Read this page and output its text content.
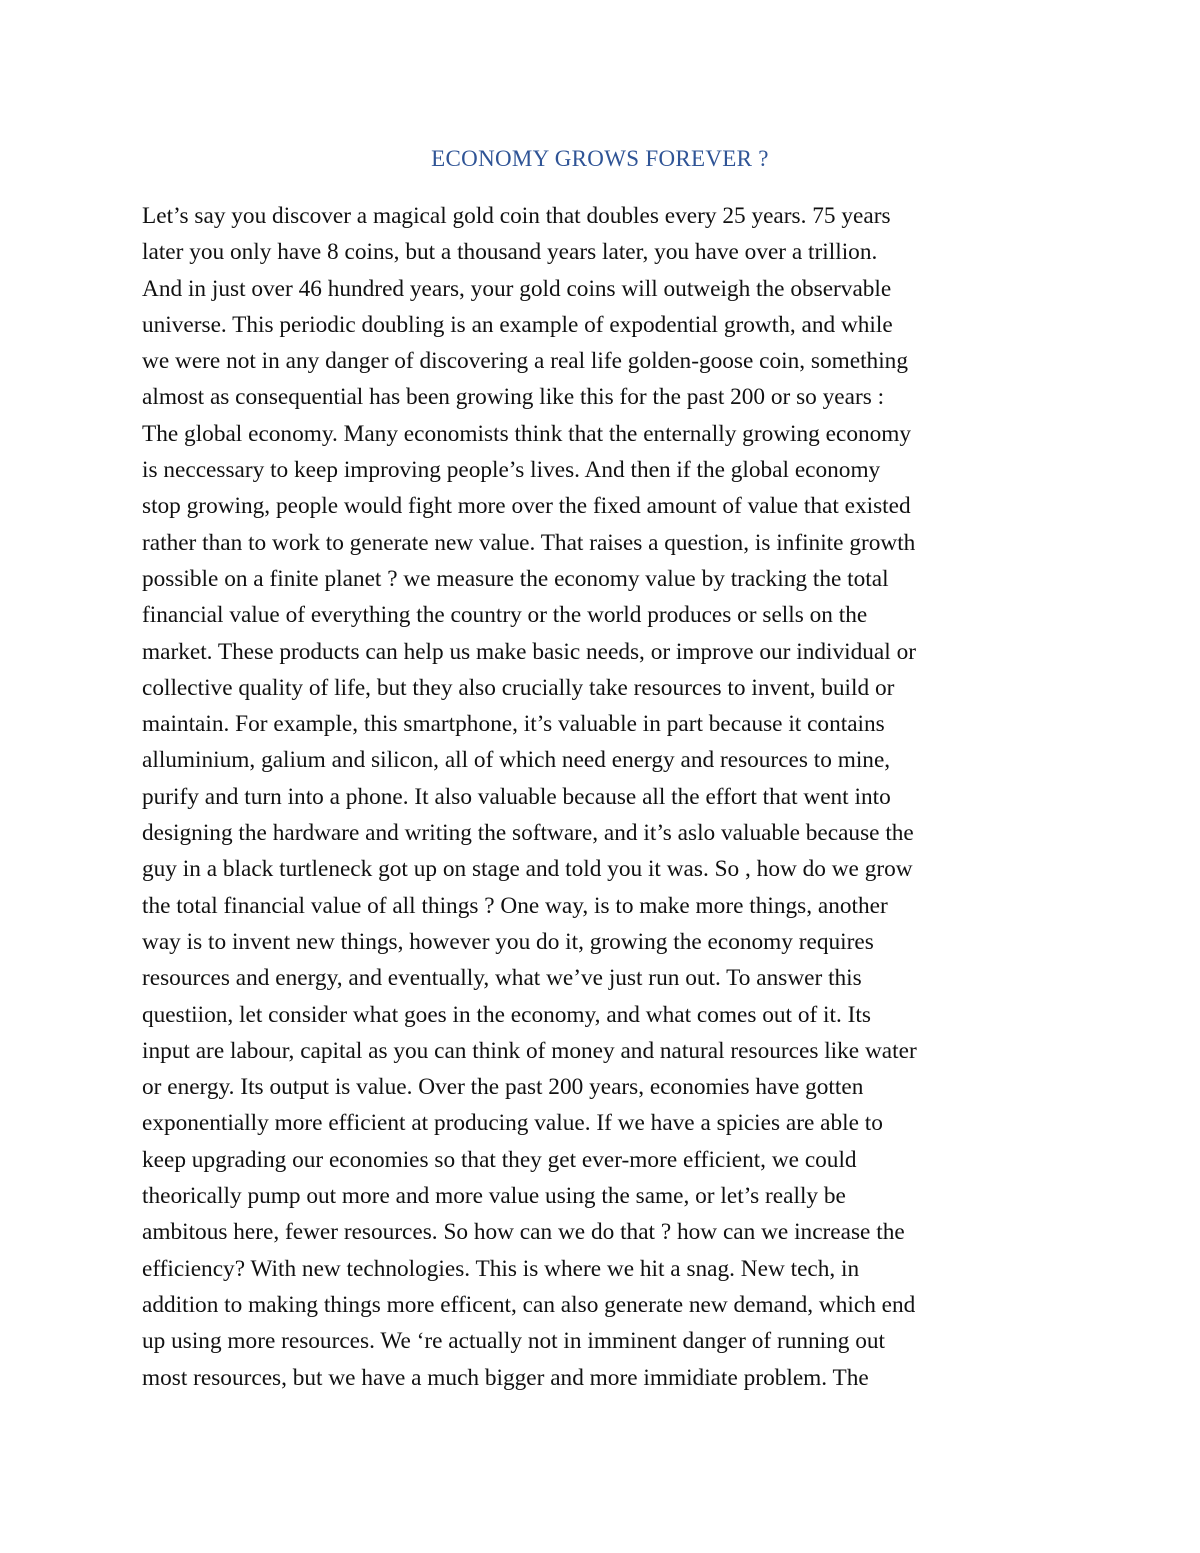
ECONOMY GROWS FOREVER ?
Let’s say you discover a magical gold coin that doubles every 25 years. 75 years
later you only have 8 coins, but a thousand years later, you have over a trillion.
And in just over 46 hundred years, your gold coins will outweigh the observable
universe. This periodic doubling is an example of expodential growth, and while
we were not in any danger of discovering a real life golden-goose coin, something
almost as consequential has been growing like this for the past 200 or so years :
The global economy. Many economists think that the enternally growing economy
is neccessary to keep improving people’s lives. And then if the global economy
stop growing, people would fight more over the fixed amount of value that existed
rather than to work to generate new value. That raises a question, is infinite growth
possible on a finite planet ? we measure the economy value by tracking the total
financial value of everything the country or the world produces or sells on the
market. These products can help us make basic needs, or improve our individual or
collective quality of life, but they also crucially take resources to invent, build or
maintain. For example, this smartphone, it’s valuable in part because it contains
alluminium, galium and silicon, all of which need energy and resources to mine,
purify and turn into a phone. It also valuable because all the effort that went into
designing the hardware and writing the software, and it’s aslo valuable because the
guy in a black turtleneck got up on stage and told you it was. So , how do we grow
the total financial value of all things ? One way, is to make more things, another
way is to invent new things, however you do it, growing the economy requires
resources and energy, and eventually, what we’ve just run out. To answer this
questiion, let consider what goes in the economy, and what comes out of it. Its
input are labour, capital as you can think of money and natural resources like water
or energy. Its output is value. Over the past 200 years, economies have gotten
exponentially more efficient at producing value. If we have a spicies are able to
keep upgrading our economies so that they get ever-more efficient, we could
theorically pump out more and more value using the same, or let’s really be
ambitous here, fewer resources. So how can we do that ? how can we increase the
efficiency? With new technologies. This is where we hit a snag. New tech, in
addition to making things more efficent, can also generate new demand, which end
up using more resources. We ‘re actually not in imminent danger of running out
most resources, but we have a much bigger and more immidiate problem. The
